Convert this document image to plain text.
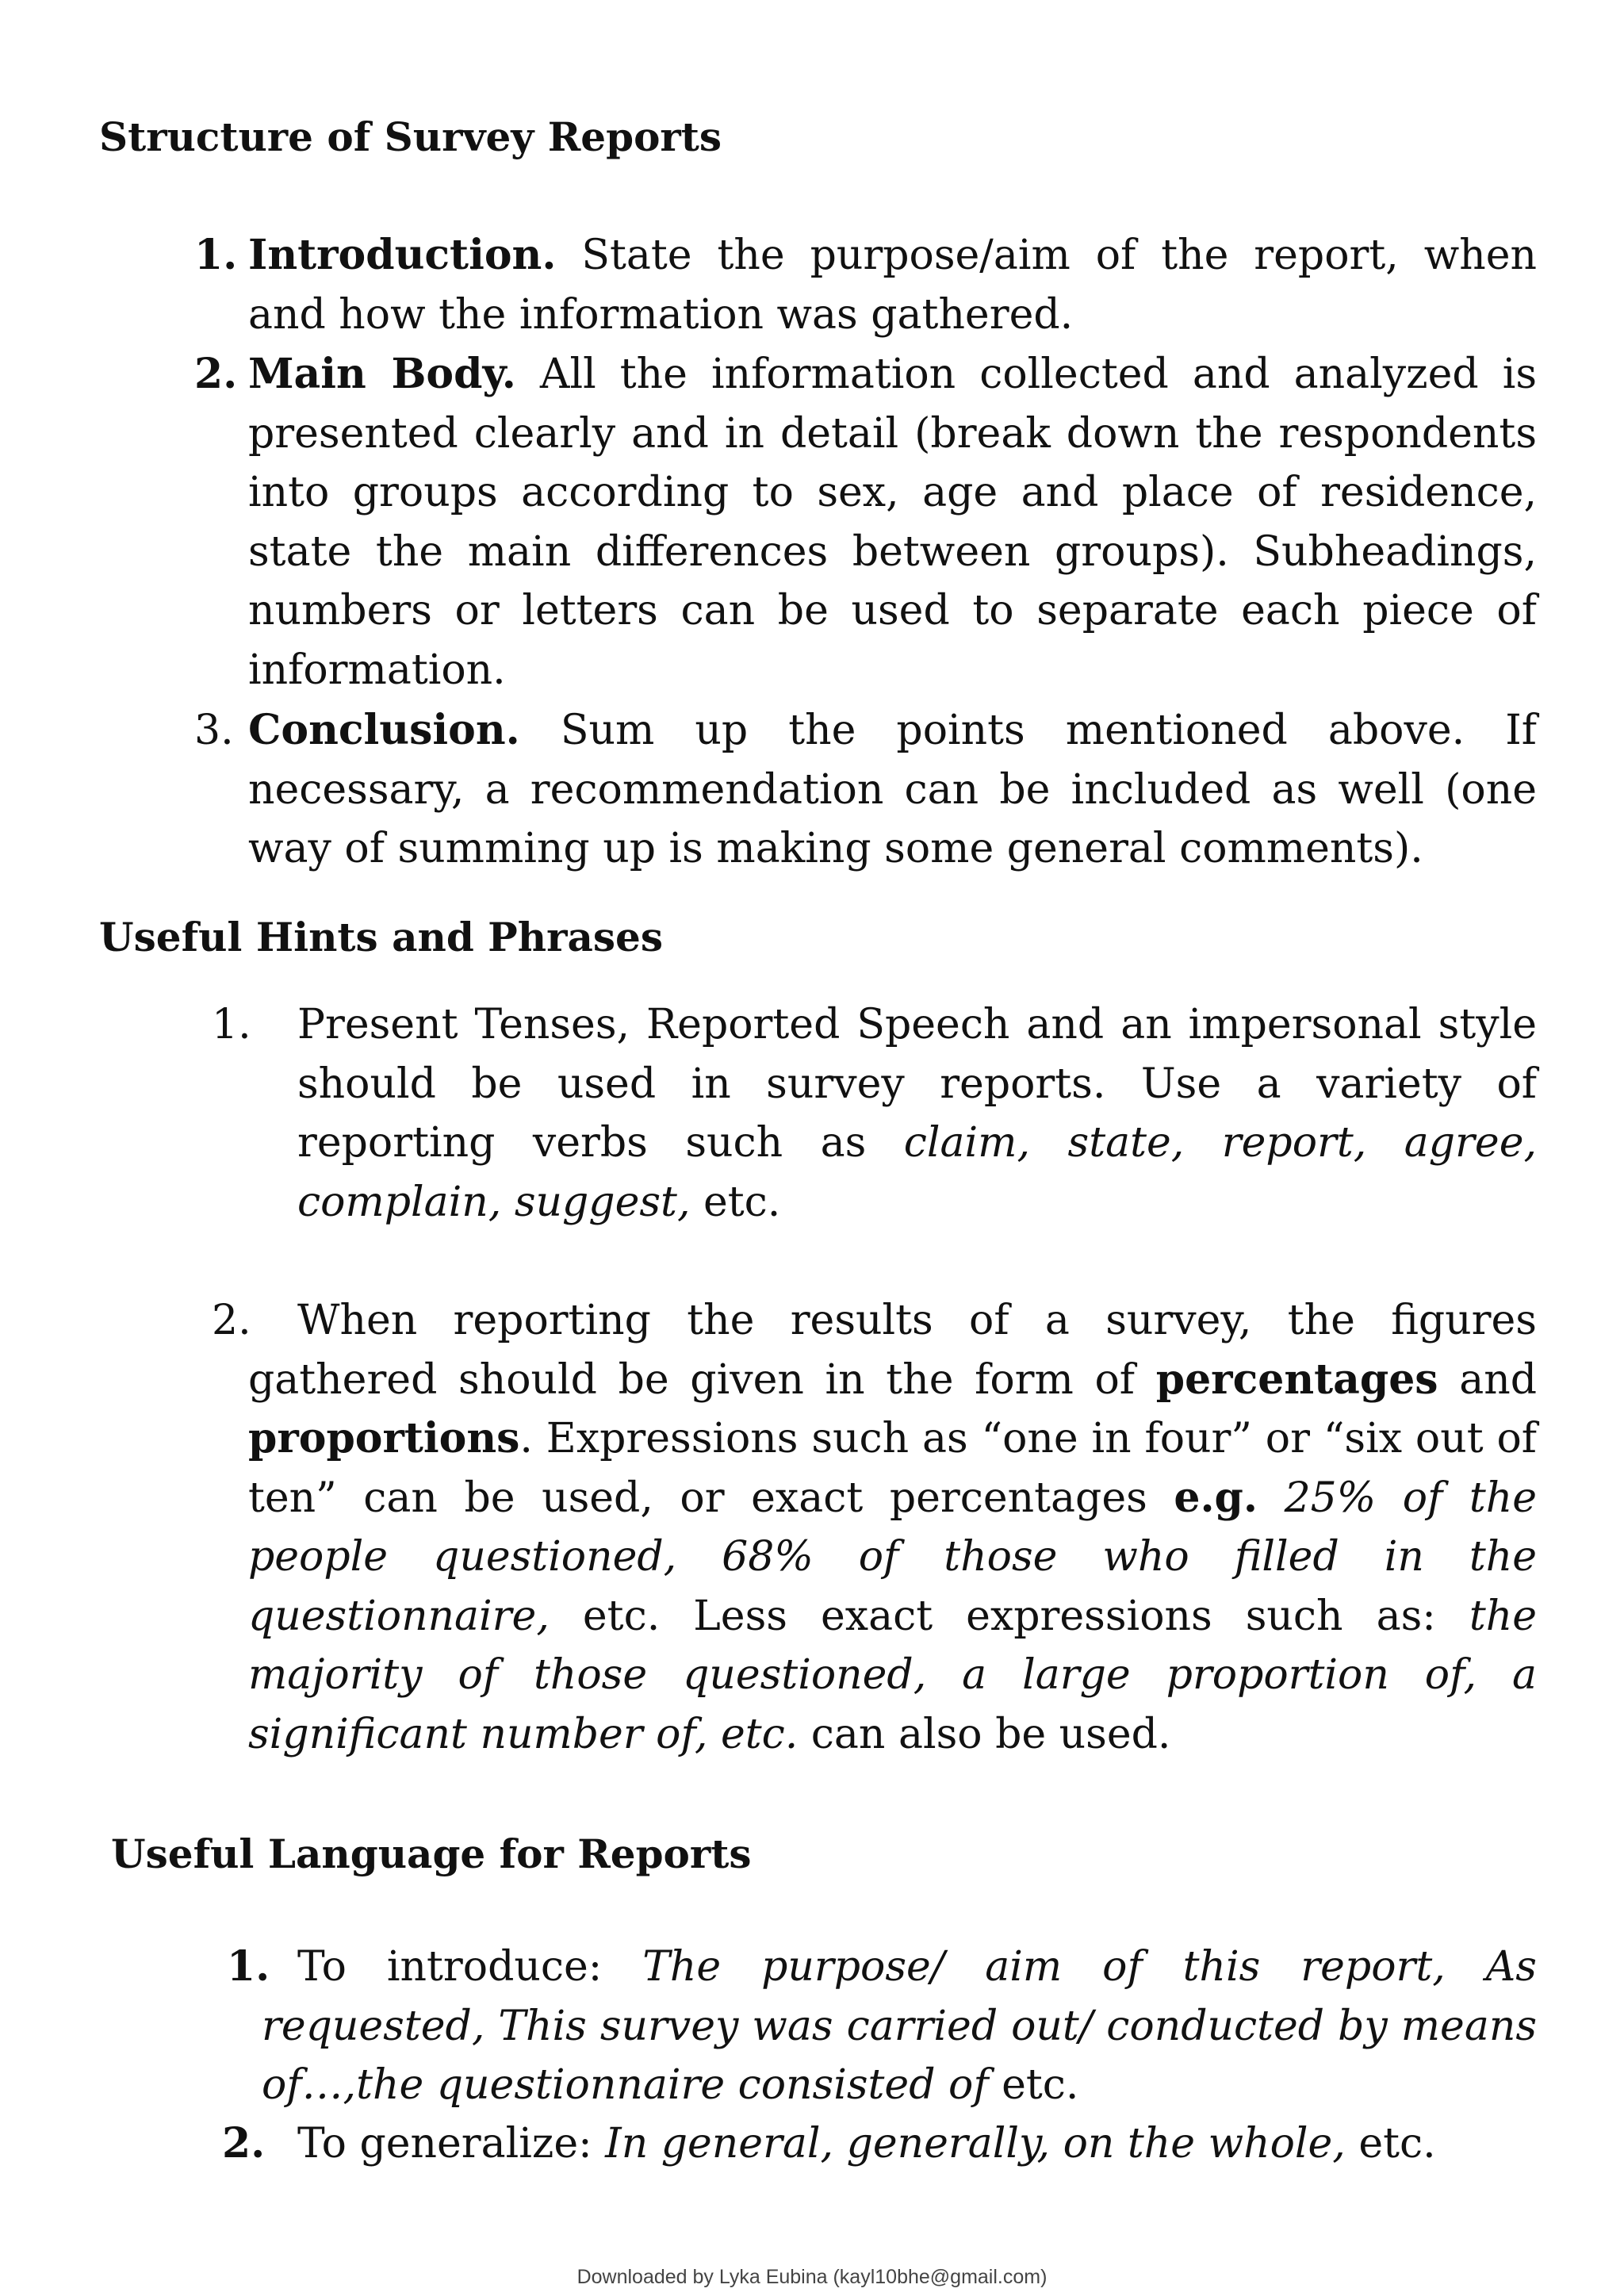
Structure of Survey Reports
1. Introduction. State the purpose/aim of the report, when and how the information was gathered.
2. Main Body. All the information collected and analyzed is presented clearly and in detail (break down the respondents into groups according to sex, age and place of residence, state the main differences between groups). Subheadings, numbers or letters can be used to separate each piece of information.
3. Conclusion. Sum up the points mentioned above. If necessary, a recommendation can be included as well (one way of summing up is making some general comments).
Useful Hints and Phrases
1. Present Tenses, Reported Speech and an impersonal style should be used in survey reports. Use a variety of reporting verbs such as claim, state, report, agree, complain, suggest, etc.
2.	When reporting the results of a survey, the figures gathered should be given in the form of percentages and proportions. Expressions such as “one in four” or “six out of ten” can be used, or exact percentages e.g. 25% of the people questioned, 68% of those who filled in the questionnaire, etc. Less exact expressions such as: the majority of those questioned, a large proportion of, a significant number of, etc. can also be used.
Useful Language for Reports
1. To introduce: The purpose/ aim of this report, As requested, This survey was carried out/ conducted by means of…,the questionnaire consisted of etc.
2. To generalize: In general, generally, on the whole, etc.
Downloaded by Lyka Eubina (kayl10bhe@gmail.com)
